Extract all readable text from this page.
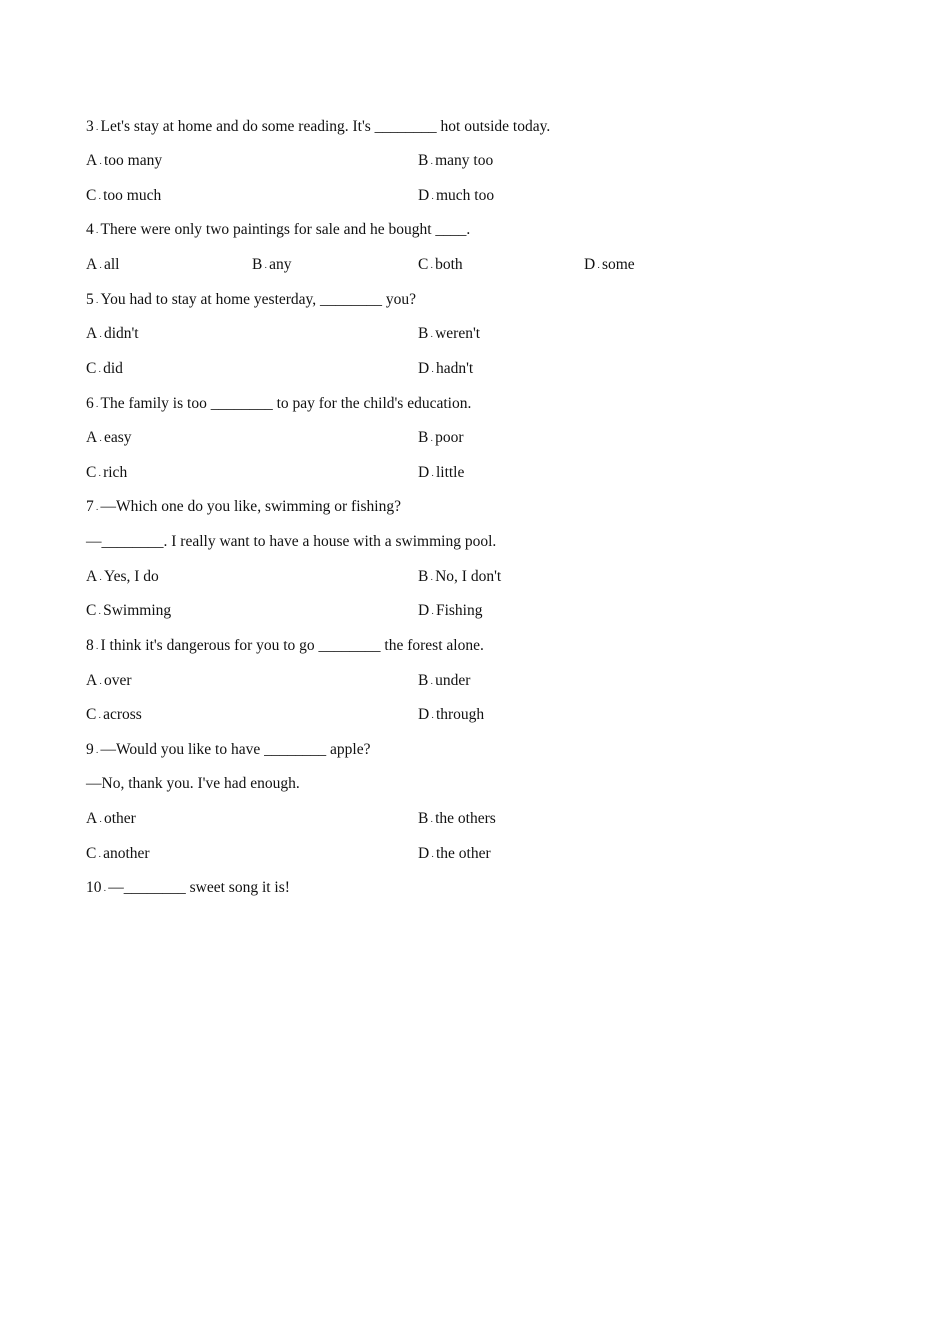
3 . Let's stay at home and do some reading. It's ________ hot outside today.
A . too many	B . many too
C . too much	D . much too
4 . There were only two paintings for sale and he bought ____.
A . all	B . any	C . both	D . some
5 . You had to stay at home yesterday, ________ you?
A . didn't	B . weren't
C . did	D . hadn't
6 . The family is too ________ to pay for the child's education.
A . easy	B . poor
C . rich	D . little
7 . —Which one do you like, swimming or fishing?
—________. I really want to have a house with a swimming pool.
A . Yes, I do	B . No, I don't
C . Swimming	D . Fishing
8 . I think it's dangerous for you to go ________ the forest alone.
A . over	B . under
C . across	D . through
9 . —Would you like to have ________ apple?
—No, thank you. I've had enough.
A . other	B . the others
C . another	D . the other
10 . —________ sweet song it is!
